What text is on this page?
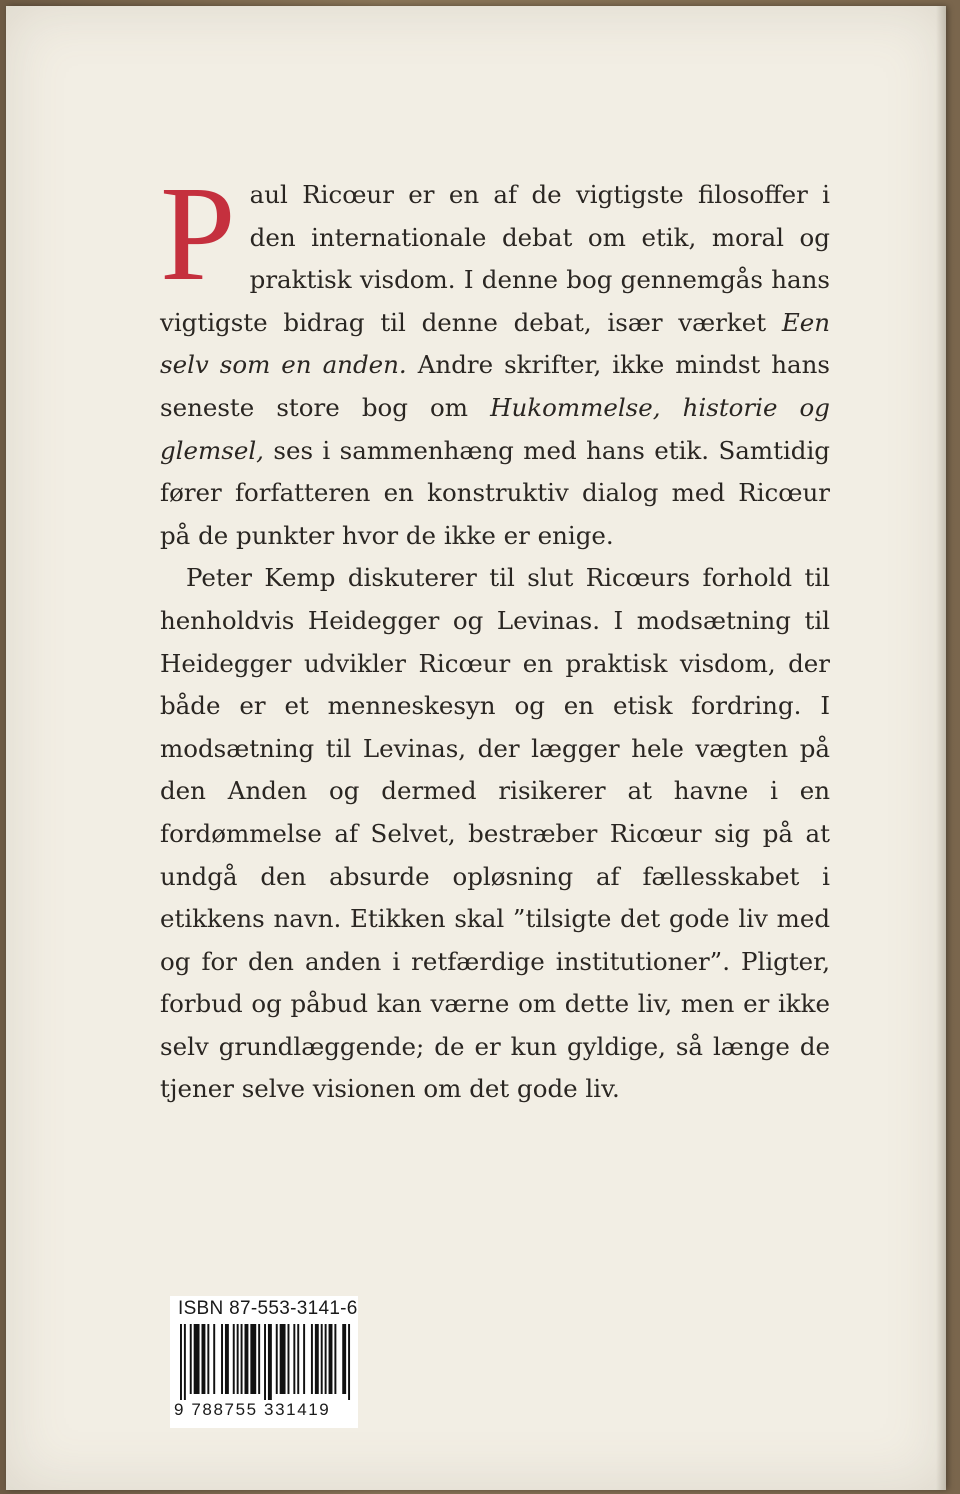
Paul Ricœur er en af de vigtigste filosoffer i den internationale debat om etik, moral og praktisk visdom. I denne bog gennemgås hans vigtigste bidrag til denne debat, især værket Een selv som en anden. Andre skrifter, ikke mindst hans seneste store bog om Hukommelse, historie og glemsel, ses i sammenhæng med hans etik. Samtidig fører forfatteren en konstruktiv dialog med Ricœur på de punkter hvor de ikke er enige.

Peter Kemp diskuterer til slut Ricœurs forhold til henholdvis Heidegger og Levinas. I modsætning til Heidegger udvikler Ricœur en praktisk visdom, der både er et menneskesyn og en etisk fordring. I modsætning til Levinas, der lægger hele vægten på den Anden og dermed risikerer at havne i en fordømmelse af Selvet, bestræber Ricœur sig på at undgå den absurde opløsning af fællesskabet i etikkens navn. Etikken skal ”tilsigte det gode liv med og for den anden i retfærdige institutioner”. Pligter, forbud og påbud kan værne om dette liv, men er ikke selv grundlæggende; de er kun gyldige, så længe de tjener selve visionen om det gode liv.

ISBN 87-553-3141-6
9 788755 331419
